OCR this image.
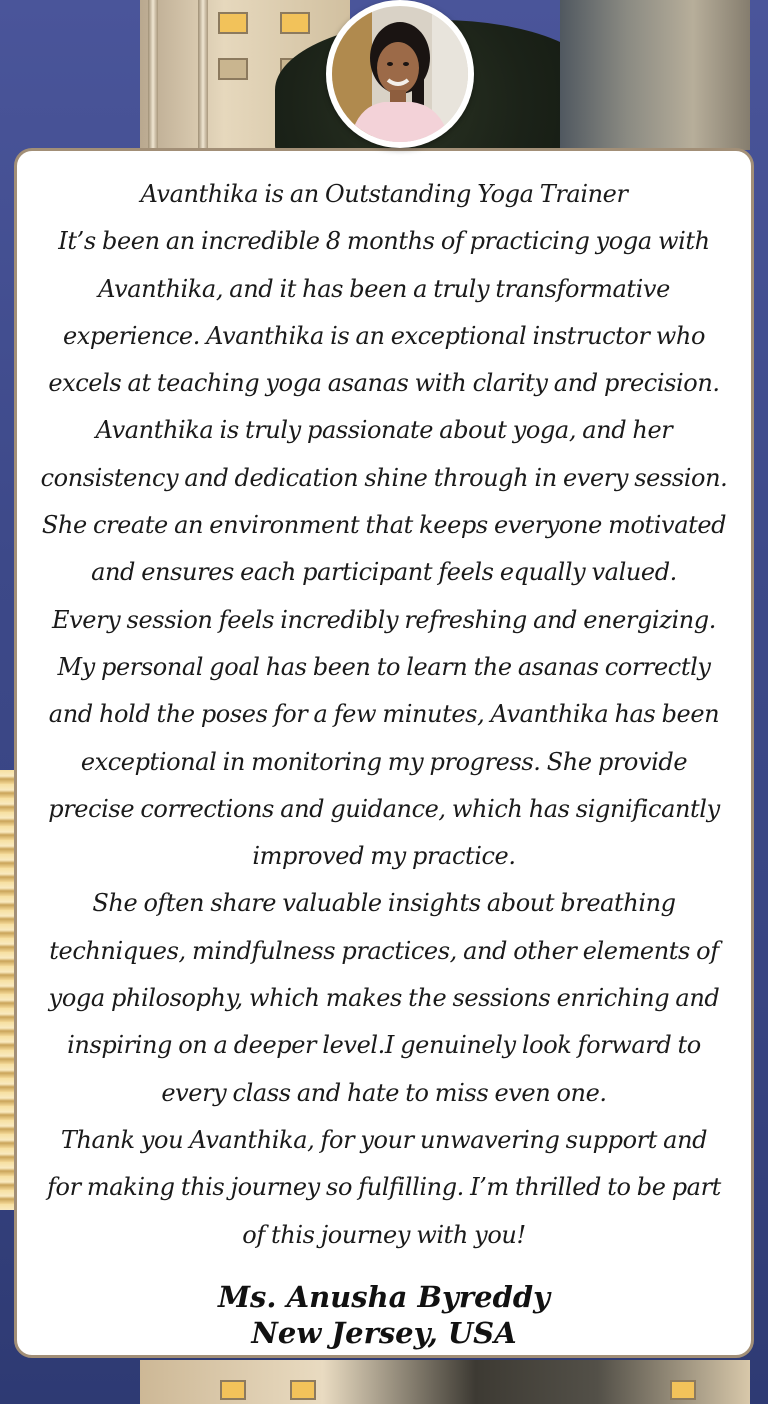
Avanthika is an Outstanding Yoga Trainer
It’s been an incredible 8 months of practicing yoga with
Avanthika, and it has been a truly transformative
experience. Avanthika is an exceptional instructor who
excels at teaching yoga asanas with clarity and precision.
Avanthika is truly passionate about yoga, and her
consistency and dedication shine through in every session.
She create an environment that keeps everyone motivated
and ensures each participant feels equally valued.
Every session feels incredibly refreshing and energizing.
My personal goal has been to learn the asanas correctly
and hold the poses for a few minutes, Avanthika has been
exceptional in monitoring my progress. She provide
precise corrections and guidance, which has significantly
improved my practice.
She often share valuable insights about breathing
techniques, mindfulness practices, and other elements of
yoga philosophy, which makes the sessions enriching and
inspiring on a deeper level.I genuinely look forward to
every class and hate to miss even one.
Thank you Avanthika, for your unwavering support and
for making this journey so fulfilling. I’m thrilled to be part
of this journey with you!
Ms. Anusha Byreddy
New Jersey, USA
